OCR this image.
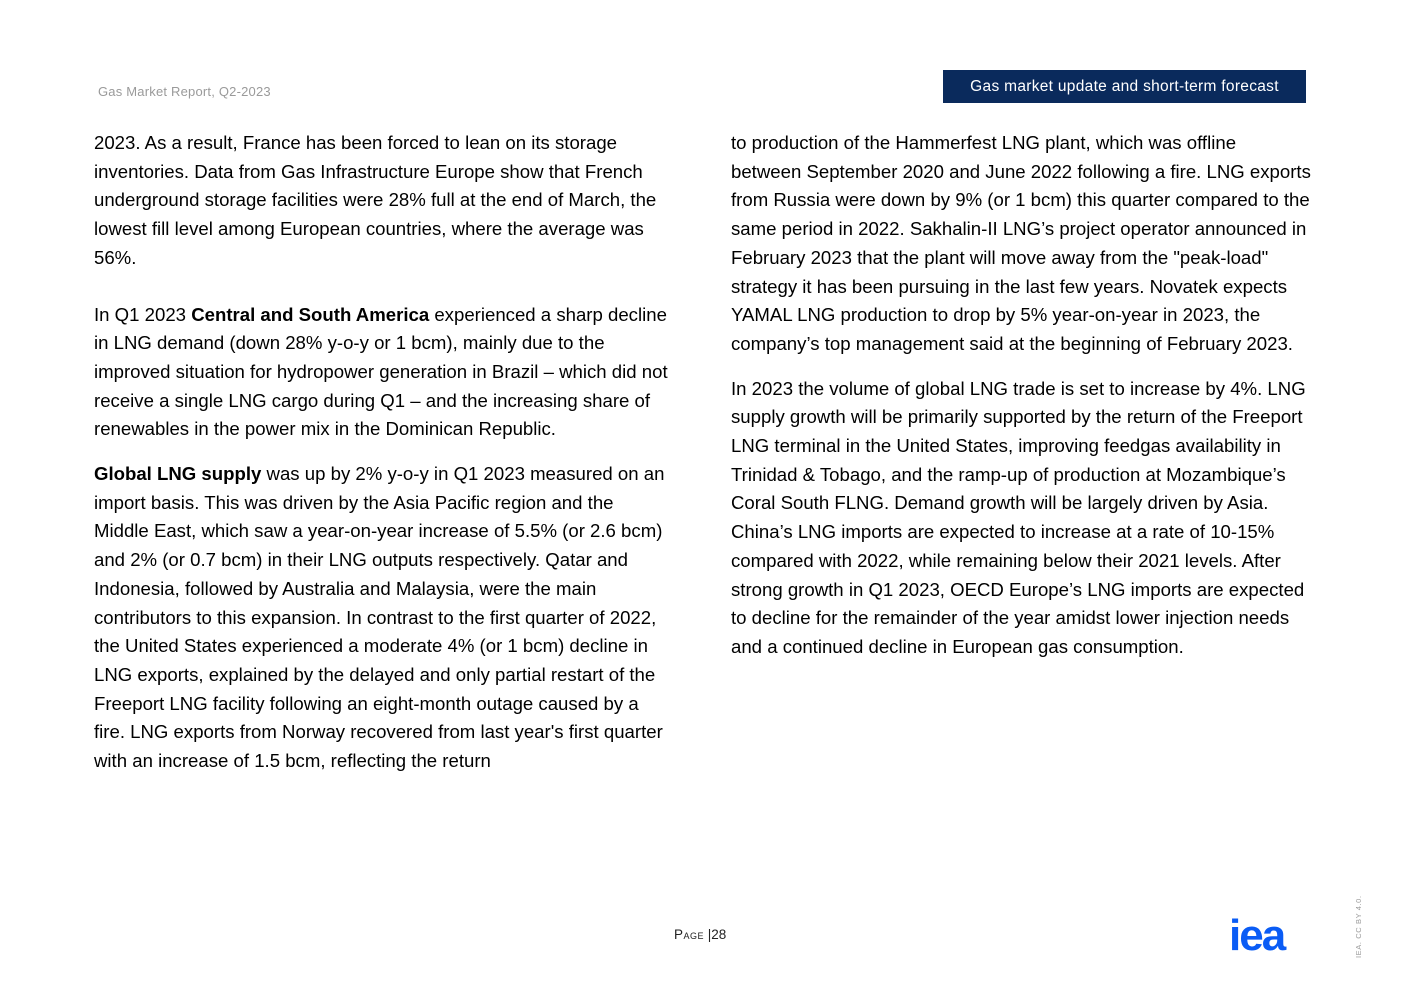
Gas Market Report, Q2-2023	Gas market update and short-term forecast

2023. As a result, France has been forced to lean on its storage inventories. Data from Gas Infrastructure Europe show that French underground storage facilities were 28% full at the end of March, the lowest fill level among European countries, where the average was 56%.

In Q1 2023 Central and South America experienced a sharp decline in LNG demand (down 28% y-o-y or 1 bcm), mainly due to the improved situation for hydropower generation in Brazil – which did not receive a single LNG cargo during Q1 – and the increasing share of renewables in the power mix in the Dominican Republic.

Global LNG supply was up by 2% y-o-y in Q1 2023 measured on an import basis. This was driven by the Asia Pacific region and the Middle East, which saw a year-on-year increase of 5.5% (or 2.6 bcm) and 2% (or 0.7 bcm) in their LNG outputs respectively. Qatar and Indonesia, followed by Australia and Malaysia, were the main contributors to this expansion. In contrast to the first quarter of 2022, the United States experienced a moderate 4% (or 1 bcm) decline in LNG exports, explained by the delayed and only partial restart of the Freeport LNG facility following an eight-month outage caused by a fire. LNG exports from Norway recovered from last year's first quarter with an increase of 1.5 bcm, reflecting the return

to production of the Hammerfest LNG plant, which was offline between September 2020 and June 2022 following a fire. LNG exports from Russia were down by 9% (or 1 bcm) this quarter compared to the same period in 2022. Sakhalin-II LNG’s project operator announced in February 2023 that the plant will move away from the "peak-load" strategy it has been pursuing in the last few years. Novatek expects YAMAL LNG production to drop by 5% year-on-year in 2023, the company’s top management said at the beginning of February 2023.

In 2023 the volume of global LNG trade is set to increase by 4%. LNG supply growth will be primarily supported by the return of the Freeport LNG terminal in the United States, improving feedgas availability in Trinidad & Tobago, and the ramp-up of production at Mozambique’s Coral South FLNG. Demand growth will be largely driven by Asia. China’s LNG imports are expected to increase at a rate of 10-15% compared with 2022, while remaining below their 2021 levels. After strong growth in Q1 2023, OECD Europe’s LNG imports are expected to decline for the remainder of the year amidst lower injection needs and a continued decline in European gas consumption.

Page |28	iea	IEA. CC BY 4.0.
